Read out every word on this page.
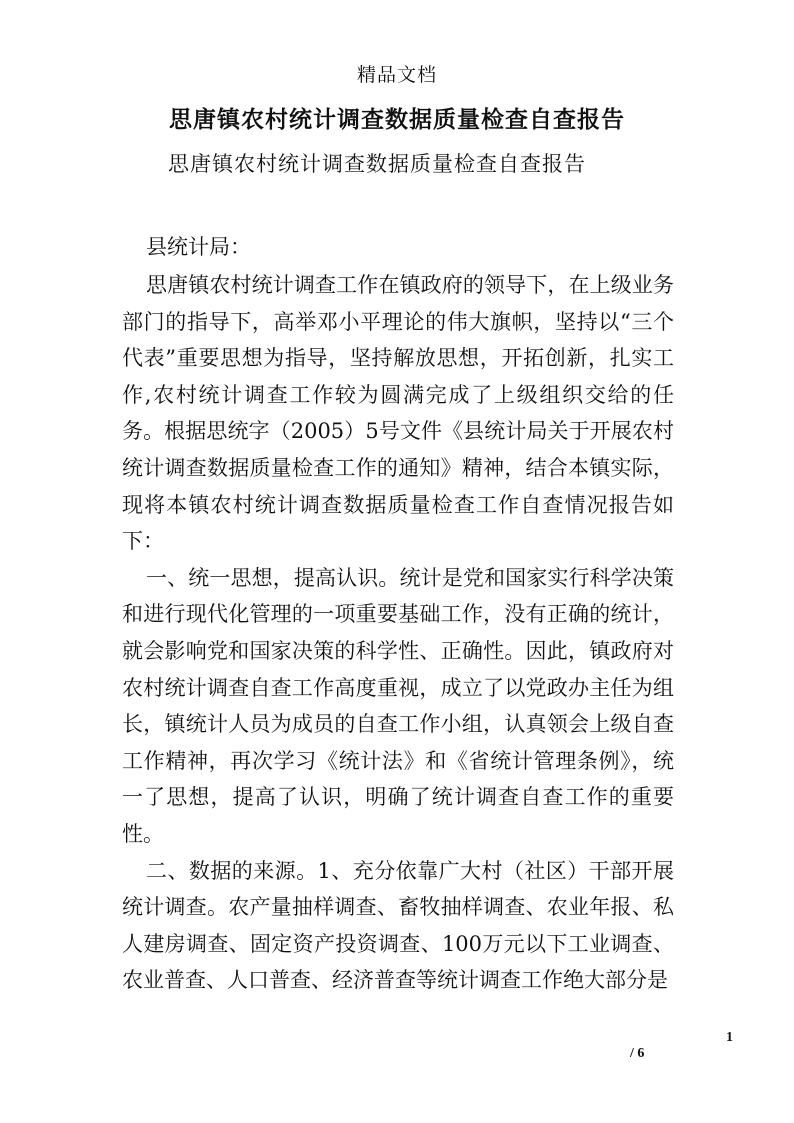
精品文档
思唐镇农村统计调查数据质量检查自查报告
思唐镇农村统计调查数据质量检查自查报告
县统计局：

思唐镇农村统计调查工作在镇政府的领导下，在上级业务部门的指导下，高举邓小平理论的伟大旗帜，坚持以“三个代表”重要思想为指导，坚持解放思想，开拓创新，扎实工作,农村统计调查工作较为圆满完成了上级组织交给的任务。根据思统字（2005）5号文件《县统计局关于开展农村统计调查数据质量检查工作的通知》精神，结合本镇实际，现将本镇农村统计调查数据质量检查工作自查情况报告如下：

一、统一思想，提高认识。统计是党和国家实行科学决策和进行现代化管理的一项重要基础工作，没有正确的统计，就会影响党和国家决策的科学性、正确性。因此，镇政府对农村统计调查自查工作高度重视，成立了以党政办主任为组长，镇统计人员为成员的自查工作小组，认真领会上级自查工作精神，再次学习《统计法》和《省统计管理条例》，统一了思想，提高了认识，明确了统计调查自查工作的重要性。

二、数据的来源。1、充分依靠广大村（社区）干部开展统计调查。农产量抽样调查、畜牧抽样调查、农业年报、私人建房调查、固定资产投资调查、100万元以下工业调查、农业普查、人口普查、经济普查等统计调查工作绝大部分是

1
/ 6
